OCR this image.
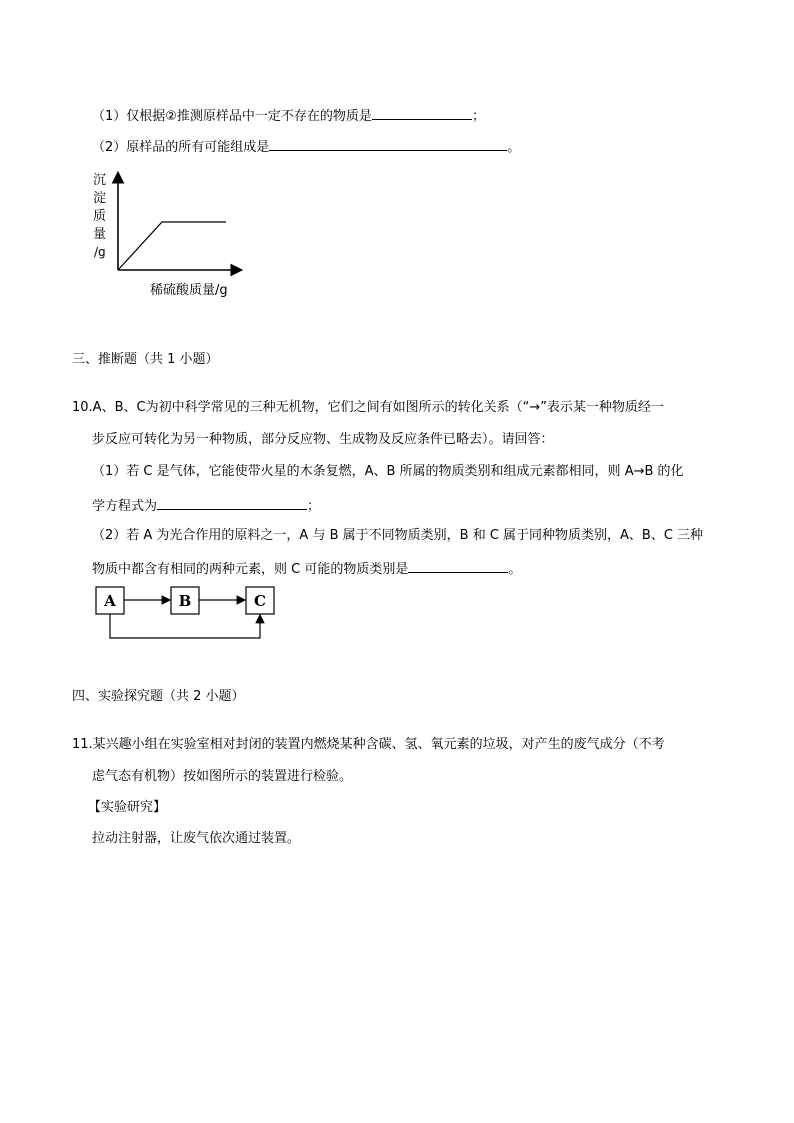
（1）仅根据②推测原样品中一定不存在的物质是	；
（2）原样品的所有可能组成是	。
沉
淀
质
量
/g
稀硫酸质量/g
三、推断题（共 1 小题）
10.A、B、C为初中科学常见的三种无机物，它们之间有如图所示的转化关系（“→”表示某一种物质经一
步反应可转化为另一种物质，部分反应物、生成物及反应条件已略去）。请回答：
（1）若 C 是气体，它能使带火星的木条复燃，A、B 所属的物质类别和组成元素都相同，则 A→B 的化
学方程式为	；
（2）若 A 为光合作用的原料之一，A 与 B 属于不同物质类别，B 和 C 属于同种物质类别，A、B、C 三种
物质中都含有相同的两种元素，则 C 可能的物质类别是	。
A	B	C
四、实验探究题（共 2 小题）
11.某兴趣小组在实验室相对封闭的装置内燃烧某种含碳、氢、氧元素的垃圾，对产生的废气成分（不考
虑气态有机物）按如图所示的装置进行检验。
【实验研究】
拉动注射器，让废气依次通过装置。
